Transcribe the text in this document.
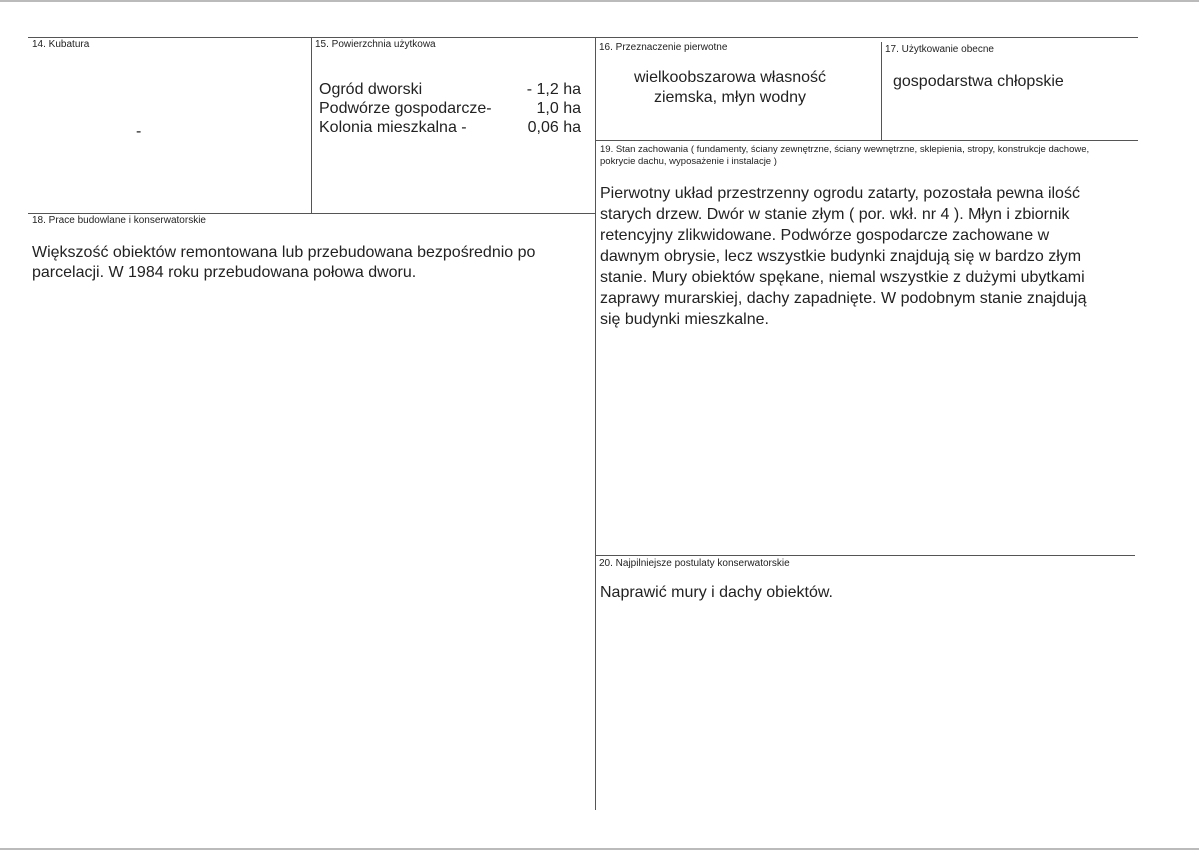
14. Kubatura
-
15. Powierzchnia użytkowa
Ogród dworski	- 1,2 ha
Podwórze gospodarcze-	1,0 ha
Kolonia mieszkalna -	0,06 ha
16. Przeznaczenie pierwotne
wielkoobszarowa własność
ziemska, młyn wodny
17. Użytkowanie obecne
gospodarstwa chłopskie
18. Prace budowlane i konserwatorskie
Większość obiektów remontowana lub przebudowana bezpośrednio po parcelacji. W 1984 roku przebudowana połowa dworu.
19. Stan zachowania ( fundamenty, ściany zewnętrzne, ściany wewnętrzne, sklepienia, stropy, konstrukcje dachowe, pokrycie dachu, wyposażenie i instalacje )
Pierwotny układ przestrzenny ogrodu zatarty, pozostała pewna ilość starych drzew. Dwór w stanie złym ( por. wkł. nr 4 ). Młyn i zbiornik retencyjny zlikwidowane. Podwórze gospodarcze zachowane w dawnym obrysie, lecz wszystkie budynki znajdują się w bardzo złym stanie. Mury obiektów spękane, niemal wszystkie z dużymi ubytkami zaprawy murarskiej, dachy zapadnięte. W podobnym stanie znajdują się budynki mieszkalne.
20. Najpilniejsze postulaty konserwatorskie
Naprawić mury i dachy obiektów.
